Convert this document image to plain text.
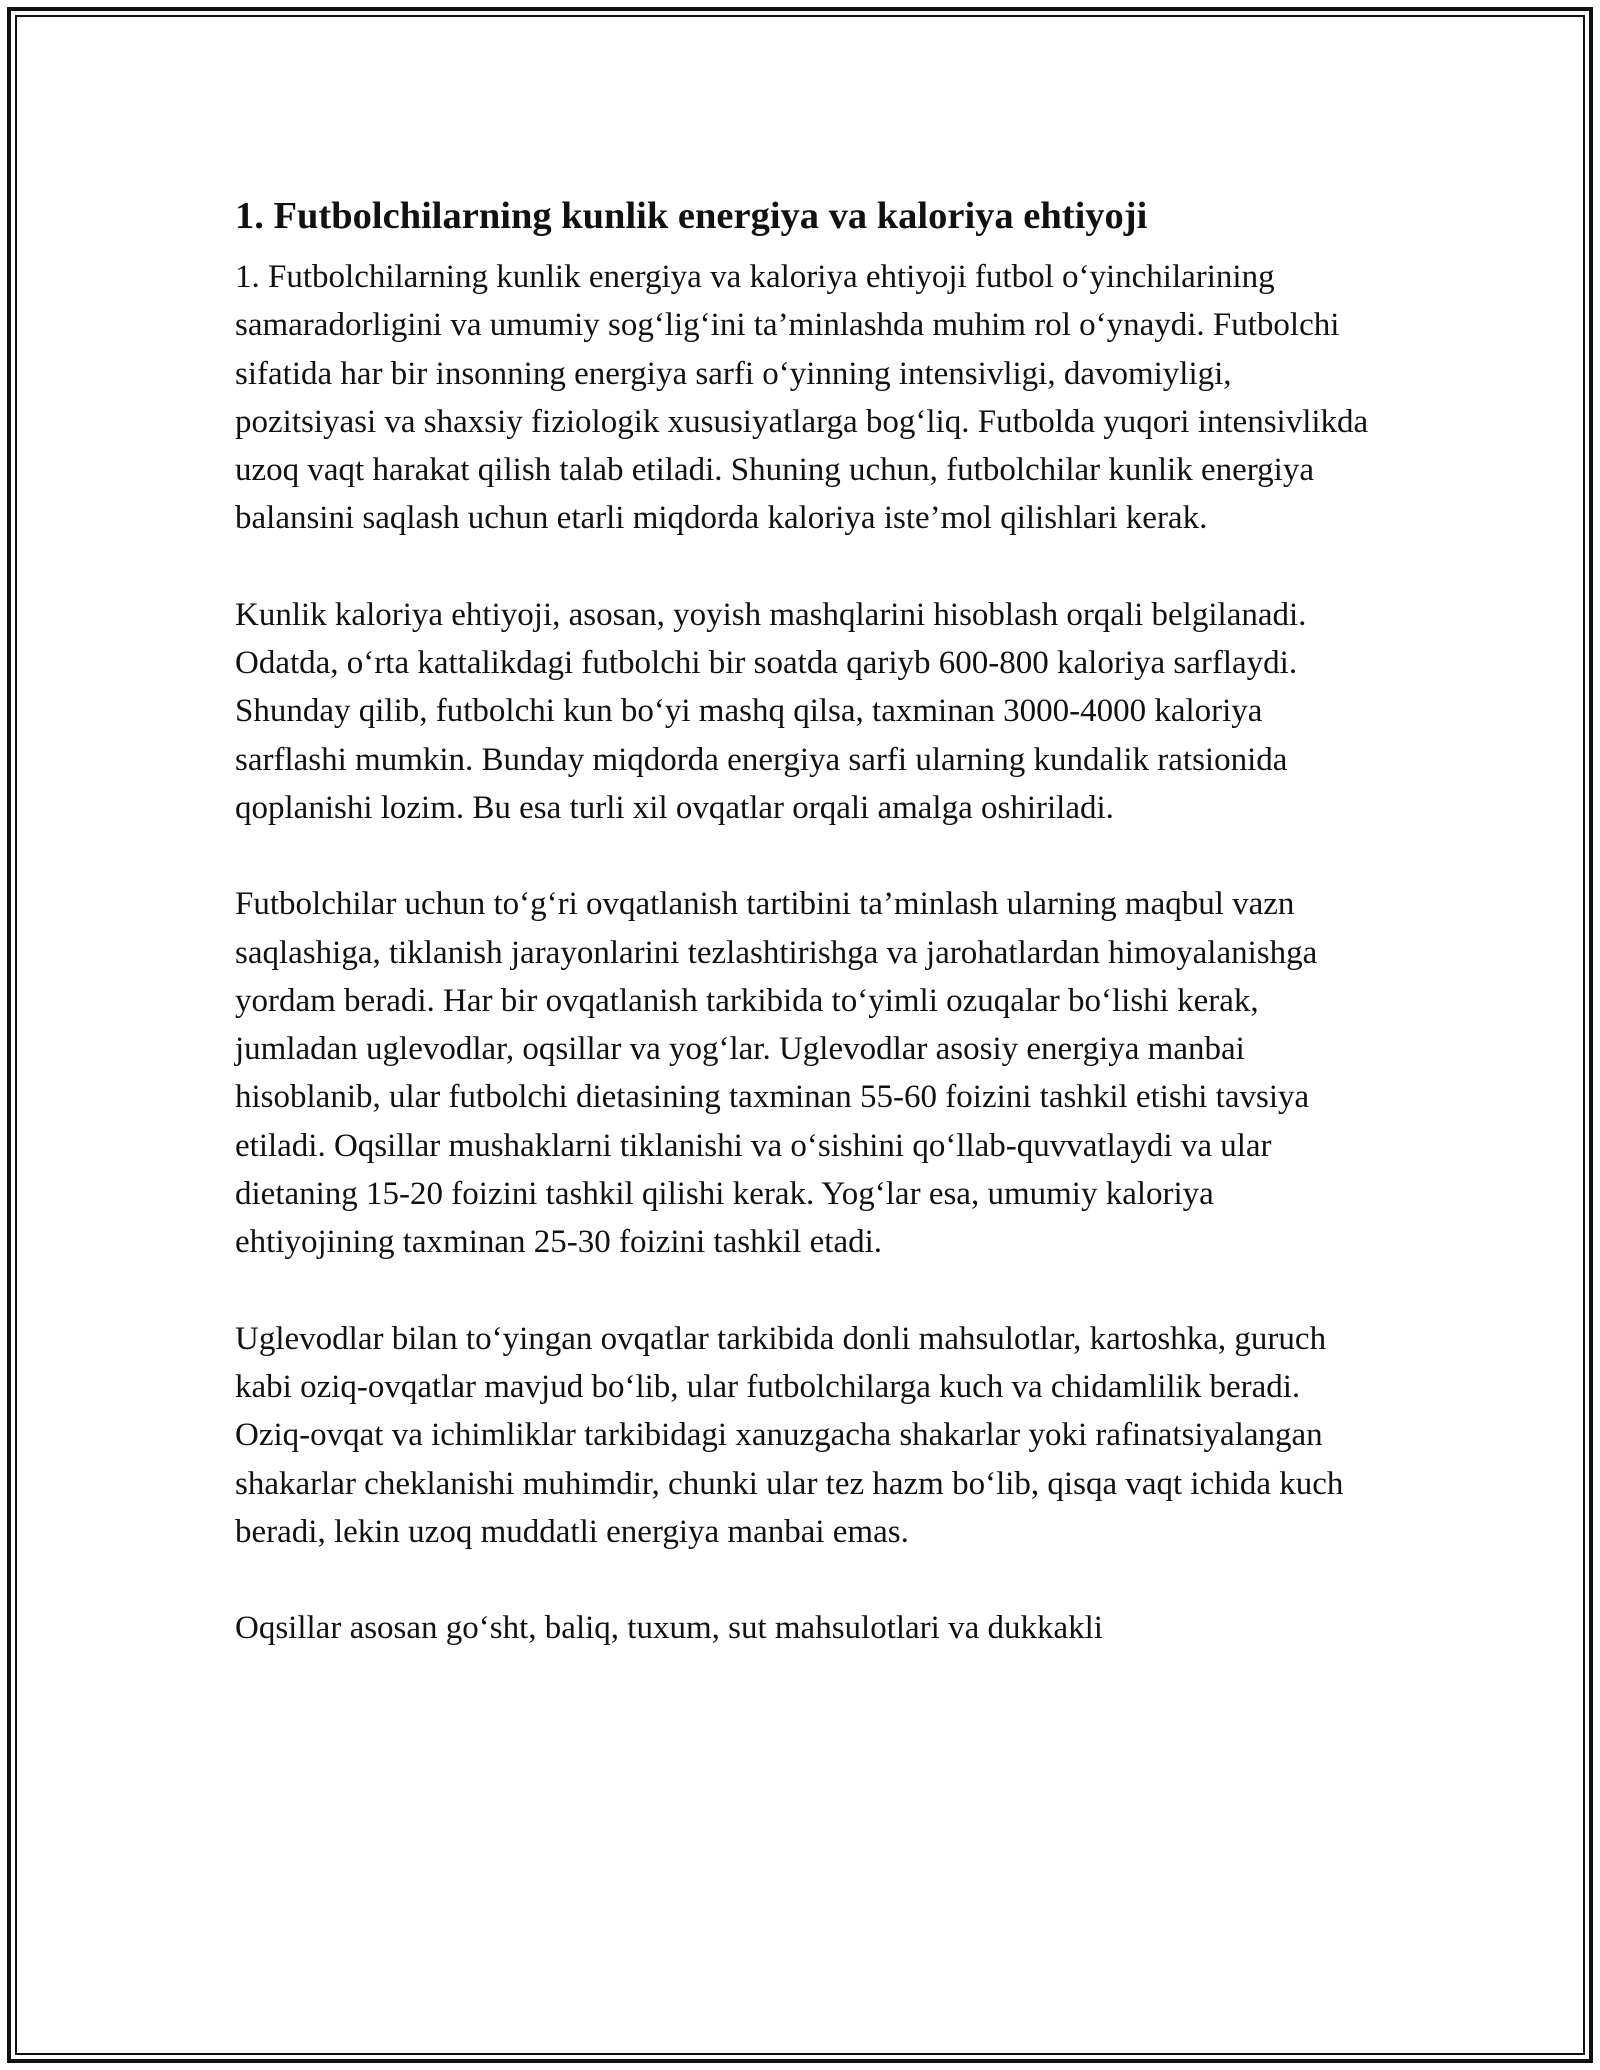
1. Futbolchilarning kunlik energiya va kaloriya ehtiyoji

1. Futbolchilarning kunlik energiya va kaloriya ehtiyoji futbol o‘yinchilarining samaradorligini va umumiy sog‘lig‘ini ta’minlashda muhim rol o‘ynaydi. Futbolchi sifatida har bir insonning energiya sarfi o‘yinning intensivligi, davomiyligi, pozitsiyasi va shaxsiy fiziologik xususiyatlarga bog‘liq. Futbolda yuqori intensivlikda uzoq vaqt harakat qilish talab etiladi. Shuning uchun, futbolchilar kunlik energiya balansini saqlash uchun etarli miqdorda kaloriya iste’mol qilishlari kerak.

Kunlik kaloriya ehtiyoji, asosan, yoyish mashqlarini hisoblash orqali belgilanadi. Odatda, o‘rta kattalikdagi futbolchi bir soatda qariyb 600-800 kaloriya sarflaydi. Shunday qilib, futbolchi kun bo‘yi mashq qilsa, taxminan 3000-4000 kaloriya sarflashi mumkin. Bunday miqdorda energiya sarfi ularning kundalik ratsionida qoplanishi lozim. Bu esa turli xil ovqatlar orqali amalga oshiriladi.

Futbolchilar uchun to‘g‘ri ovqatlanish tartibini ta’minlash ularning maqbul vazn saqlashiga, tiklanish jarayonlarini tezlashtirishga va jarohatlardan himoyalanishga yordam beradi. Har bir ovqatlanish tarkibida to‘yimli ozuqalar bo‘lishi kerak, jumladan uglevodlar, oqsillar va yog‘lar. Uglevodlar asosiy energiya manbai hisoblanib, ular futbolchi dietasining taxminan 55-60 foizini tashkil etishi tavsiya etiladi. Oqsillar mushaklarni tiklanishi va o‘sishini qo‘llab-quvvatlaydi va ular dietaning 15-20 foizini tashkil qilishi kerak. Yog‘lar esa, umumiy kaloriya ehtiyojining taxminan 25-30 foizini tashkil etadi.

Uglevodlar bilan to‘yingan ovqatlar tarkibida donli mahsulotlar, kartoshka, guruch kabi oziq-ovqatlar mavjud bo‘lib, ular futbolchilarga kuch va chidamlilik beradi. Oziq-ovqat va ichimliklar tarkibidagi xanuzgacha shakarlar yoki rafinatsiyalangan shakarlar cheklanishi muhimdir, chunki ular tez hazm bo‘lib, qisqa vaqt ichida kuch beradi, lekin uzoq muddatli energiya manbai emas.

Oqsillar asosan go‘sht, baliq, tuxum, sut mahsulotlari va dukkakli
